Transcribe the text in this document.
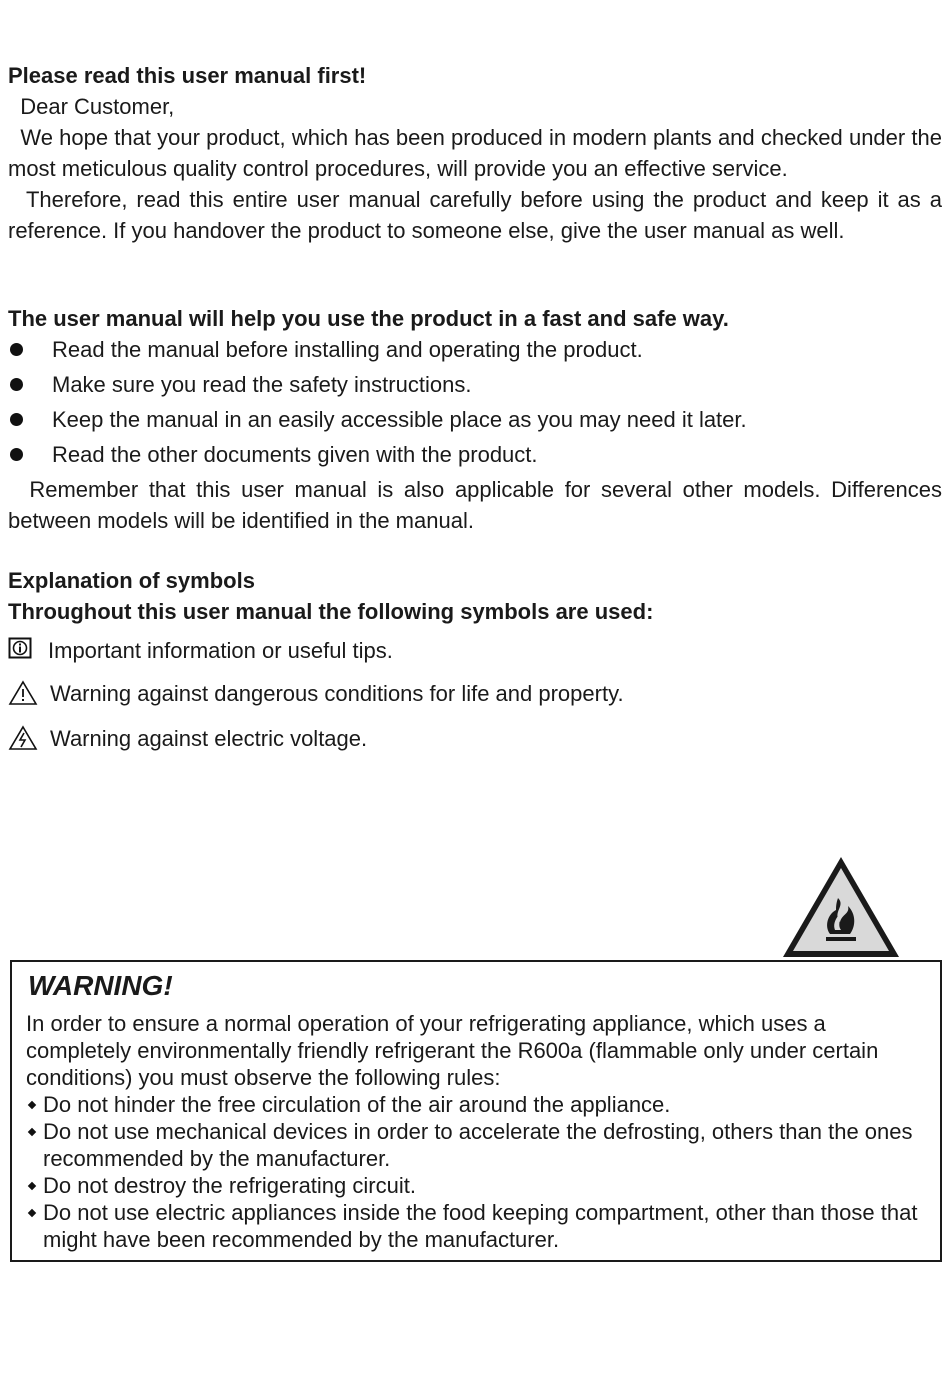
Please read this user manual first!

Dear Customer,

We hope that your product, which has been produced in modern plants and checked under the most meticulous quality control procedures, will provide you an effective service.

Therefore, read this entire user manual carefully before using the product and keep it as a reference. If you handover the product to someone else, give the user manual as well.

The user manual will help you use the product in a fast and safe way.

Read the manual before installing and operating the product.
Make sure you read the safety instructions.
Keep the manual in an easily accessible place as you may need it later.
Read the other documents given with the product.

Remember that this user manual is also applicable for several other models. Differences between models will be identified in the manual.

Explanation of symbols

Throughout this user manual the following symbols are used:

Important information or useful tips.
Warning against dangerous conditions for life and property.
Warning against electric voltage.
WARNING!

In order to ensure a normal operation of your refrigerating appliance, which uses a completely environmentally friendly refrigerant the R600a (flammable only under certain conditions) you must observe the following rules:

Do not hinder the free circulation of the air around the appliance.
Do not use mechanical devices in order to accelerate the defrosting, others than the ones recommended by the manufacturer.
Do not destroy the refrigerating circuit.
Do not use electric appliances inside the food keeping compartment, other than those that might have been recommended by the manufacturer.
